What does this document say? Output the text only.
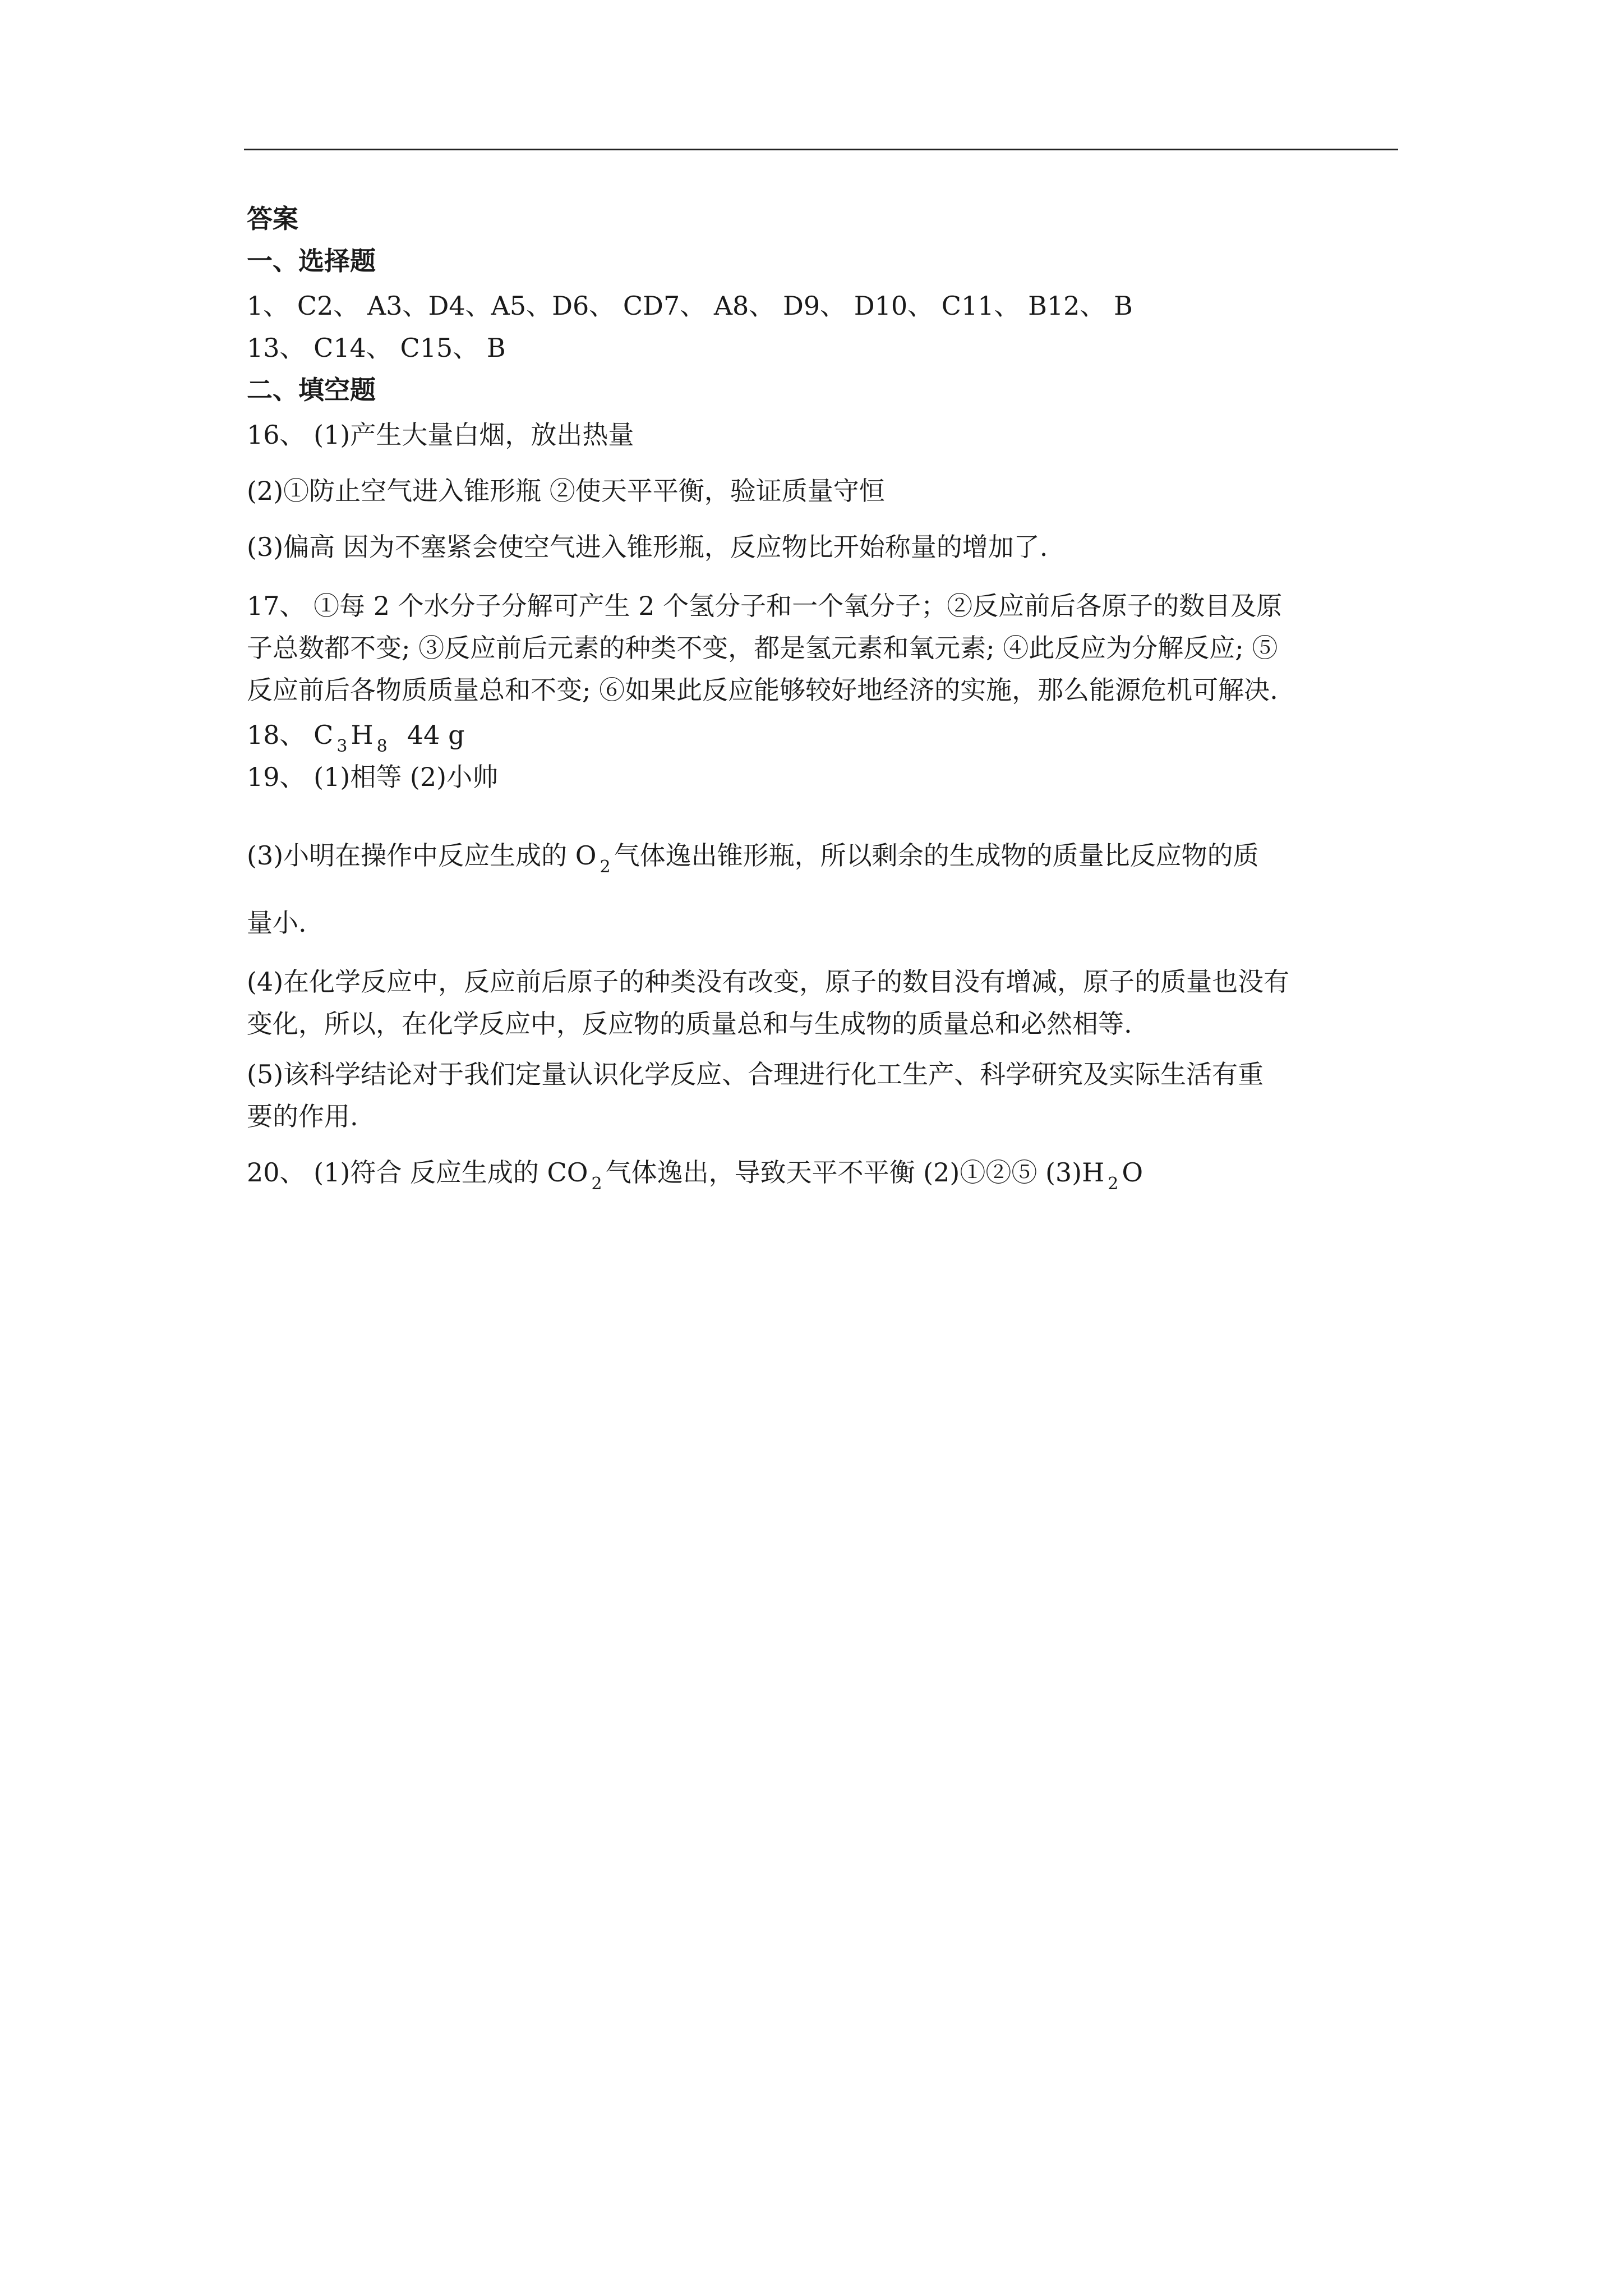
答案
一、选择题
1、 C2、 A3、D4、A5、D6、 CD7、 A8、 D9、 D10、 C11、 B12、 B
13、 C14、 C15、 B
二、填空题
16、 (1)产生大量白烟，放出热量
(2)①防止空气进入锥形瓶 ②使天平平衡，验证质量守恒
(3)偏高 因为不塞紧会使空气进入锥形瓶，反应物比开始称量的增加了.
17、 ①每 2 个水分子分解可产生 2 个氢分子和一个氧分子；②反应前后各原子的数目及原
子总数都不变; ③反应前后元素的种类不变，都是氢元素和氧元素; ④此反应为分解反应; ⑤
反应前后各物质质量总和不变; ⑥如果此反应能够较好地经济的实施，那么能源危机可解决.
18、 C $_3$ H $_8$  44 g
19、 (1)相等 (2)小帅
(3)小明在操作中反应生成的 O $_2$ 气体逸出锥形瓶，所以剩余的生成物的质量比反应物的质
量小.
(4)在化学反应中，反应前后原子的种类没有改变，原子的数目没有增减，原子的质量也没有
变化，所以，在化学反应中，反应物的质量总和与生成物的质量总和必然相等.
(5)该科学结论对于我们定量认识化学反应、合理进行化工生产、科学研究及实际生活有重
要的作用.
20、 (1)符合 反应生成的 CO $_2$ 气体逸出，导致天平不平衡 (2)①②⑤ (3)H $_2$ O
